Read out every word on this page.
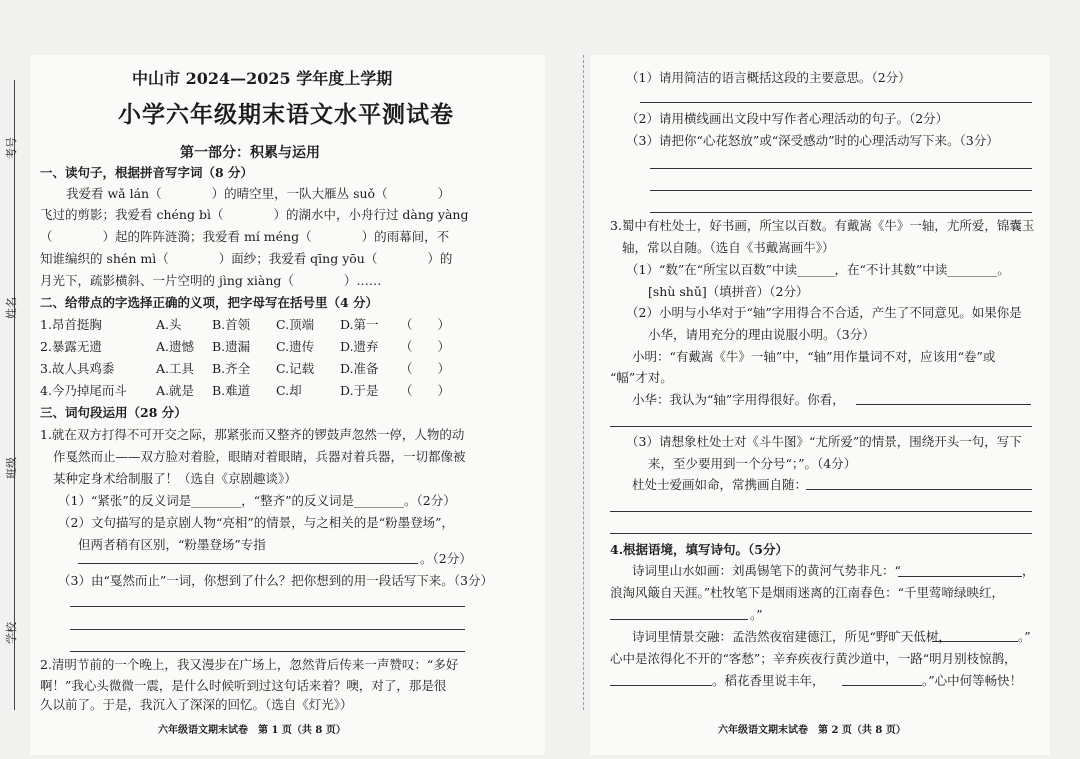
考号
姓名
班级
学校
中山市 2024—2025 学年度上学期
小学六年级期末语文水平测试卷
第一部分：积累与运用
一、读句子，根据拼音写字词（8 分）
我爱看 wǎ lán（　　　　）的晴空里，一队大雁丛 suǒ（　　　　）
飞过的剪影；我爱看 chéng bì（　　　　）的湖水中，小舟行过 dàng yàng
（　　　　）起的阵阵涟漪；我爱看 mí méng（　　　　）的雨幕间，不
知谁编织的 shén mì（　　　　）面纱；我爱看 qīng yōu（　　　　）的
月光下，疏影横斜、一片空明的 jìng xiàng（　　　　）……
二、给带点的字选择正确的义项，把字母写在括号里（4 分）
1.昂首挺胸	A.头 B.首领 C.顶端 D.第一 （　　）
2.暴露无遗	A.遗憾 B.遗漏 C.遗传 D.遗弃 （　　）
3.故人具鸡黍	A.工具 B.齐全 C.记载 D.准备 （　　）
4.今乃掉尾而斗 A.就是 B.难道 C.却	D.于是 （　　）
三、词句段运用（28 分）
1.就在双方打得不可开交之际，那紧张而又整齐的锣鼓声忽然一停，人物的动
作戛然而止——双方脸对着脸，眼睛对着眼睛，兵器对着兵器，一切都像被
某种定身术给制服了！（选自《京剧趣谈》）
（1）“紧张”的反义词是________，“整齐”的反义词是________。（2分）
（2）文句描写的是京剧人物“亮相”的情景，与之相关的是“粉墨登场”，
但两者稍有区别，“粉墨登场”专指
。（2分）
（3）由“戛然而止”一词，你想到了什么？把你想到的用一段话写下来。（3分）
2.清明节前的一个晚上，我又漫步在广场上，忽然背后传来一声赞叹：“多好
啊！”我心头微微一震，是什么时候听到过这句话来着？噢，对了，那是很
久以前了。于是，我沉入了深深的回忆。（选自《灯光》）
六年级语文期末试卷　第 1 页（共 8 页）
（1）请用简洁的语言概括这段的主要意思。（2分）
（2）请用横线画出文段中写作者心理活动的句子。（2分）
（3）请把你“心花怒放”或“深受感动”时的心理活动写下来。（3分）
3.蜀中有杜处士，好书画，所宝以百数。有戴嵩《牛》一轴，尤所爱，锦囊玉
轴，常以自随。（选自《书戴嵩画牛》）
（1）“数”在“所宝以百数”中读______，在“不计其数”中读________。
[shù shǔ]（填拼音）（2分）
（2）小明与小华对于“轴”字用得合不合适，产生了不同意见。如果你是
小华，请用充分的理由说服小明。（3分）
小明：“有戴嵩《牛》一轴”中，“轴”用作量词不对，应该用“卷”或
“幅”才对。
小华：我认为“轴”字用得很好。你看，
（3）请想象杜处士对《斗牛图》“尤所爱”的情景，围绕开头一句，写下
来，至少要用到一个分号“；”。（4分）
杜处士爱画如命，常携画自随：
4.根据语境，填写诗句。（5分）
诗词里山水如画：刘禹锡笔下的黄河气势非凡：“	，
浪淘风簸自天涯。”杜牧笔下是烟雨迷离的江南春色：“千里莺啼绿映红，
。”
诗词里情景交融：孟浩然夜宿建德江，所见“野旷天低树，	。”
心中是浓得化不开的“客愁”；辛弃疾夜行黄沙道中，一路“明月别枝惊鹊，
。稻花香里说丰年，	。”心中何等畅快！
六年级语文期末试卷　第 2 页（共 8 页）
